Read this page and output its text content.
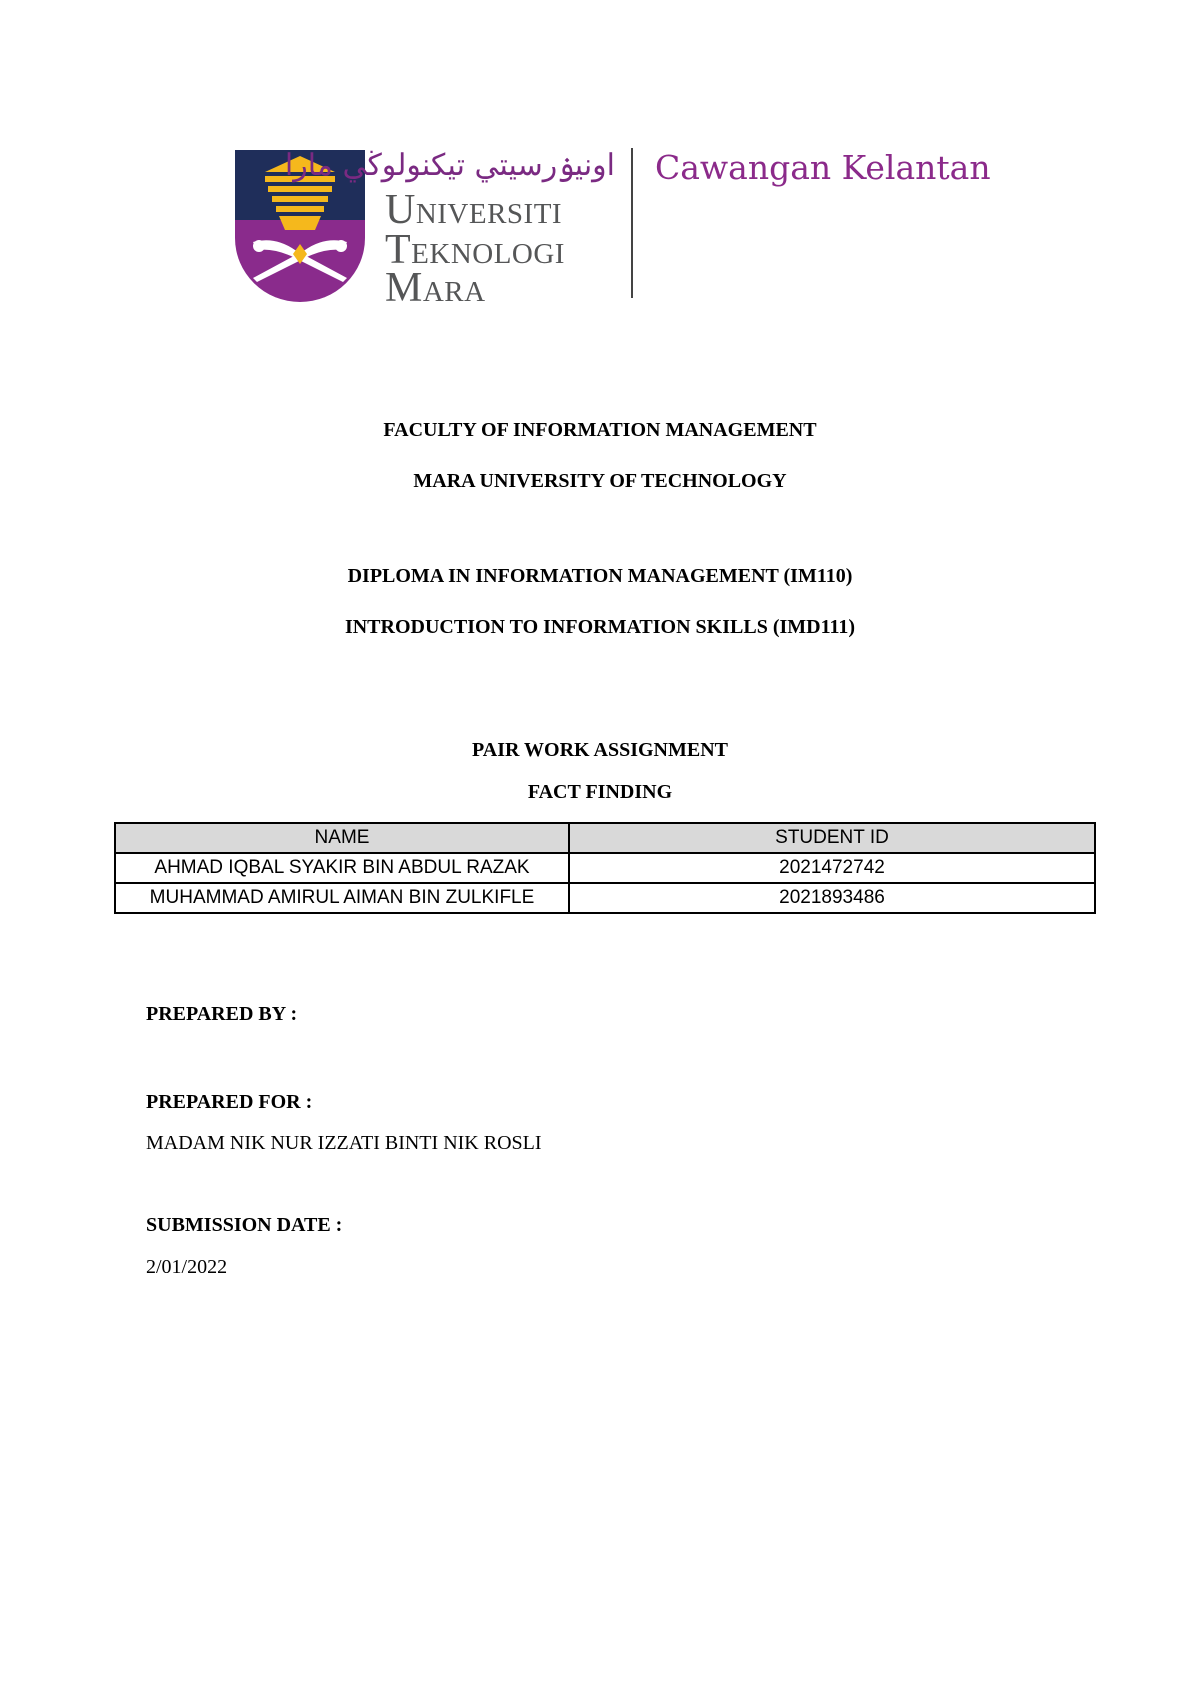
اونيۏرسيتي تيکنولوڬي مارا
Universiti
Teknologi
Mara
Cawangan Kelantan
FACULTY OF INFORMATION MANAGEMENT
MARA UNIVERSITY OF TECHNOLOGY
DIPLOMA IN INFORMATION MANAGEMENT (IM110)
INTRODUCTION TO INFORMATION SKILLS (IMD111)
PAIR WORK ASSIGNMENT
FACT FINDING
NAME	STUDENT ID
AHMAD IQBAL SYAKIR BIN ABDUL RAZAK	2021472742
MUHAMMAD AMIRUL AIMAN BIN ZULKIFLE	2021893486
PREPARED BY :
PREPARED FOR :
MADAM NIK NUR IZZATI BINTI NIK ROSLI
SUBMISSION DATE :
2/01/2022
